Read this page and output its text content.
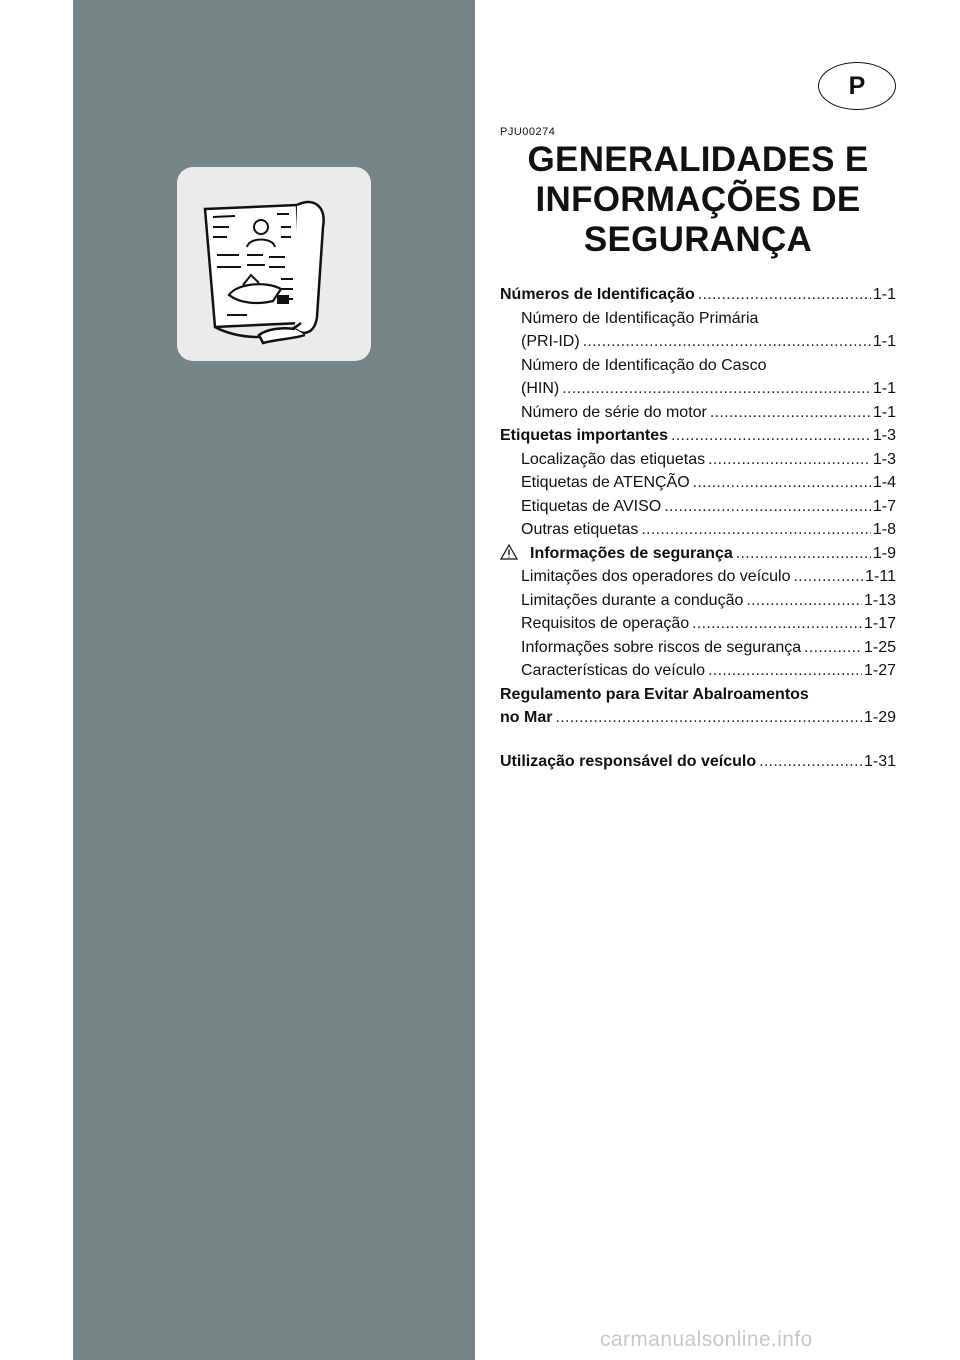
P
PJU00274
GENERALIDADES E
INFORMAÇÕES DE
SEGURANÇA
Números de Identificação .....	1-1
Número de Identificação Primária
(PRI-ID) .....	1-1
Número de Identificação do Casco
(HIN) .....	1-1
Número de série do motor .....	1-1
Etiquetas importantes .....	1-3
Localização das etiquetas .....	1-3
Etiquetas de ATENÇÃO .....	1-4
Etiquetas de AVISO .....	1-7
Outras etiquetas .....	1-8
Informações de segurança .....	1-9
Limitações dos operadores do veículo .....	1-11
Limitações durante a condução .....	1-13
Requisitos de operação .....	1-17
Informações sobre riscos de segurança .....	1-25
Características do veículo .....	1-27
Regulamento para Evitar Abalroamentos
no Mar .....	1-29
Utilização responsável do veículo .....	1-31
carmanualsonline.info
